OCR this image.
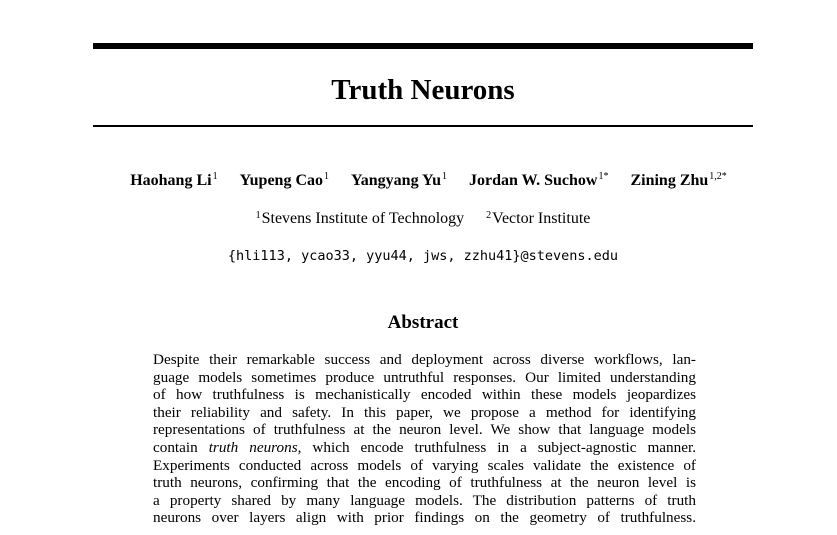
Truth Neurons
Haohang Li$^1$ Yupeng Cao$^1$ Yangyang Yu$^1$ Jordan W. Suchow$^{1*}$ Zining Zhu$^{1,2*}$
$^1$Stevens Institute of Technology $^2$Vector Institute
{hli113, ycao33, yyu44, jws, zzhu41}@stevens.edu
Abstract
Despite their remarkable success and deployment across diverse workflows, lan-
guage models sometimes produce untruthful responses. Our limited understanding
of how truthfulness is mechanistically encoded within these models jeopardizes
their reliability and safety. In this paper, we propose a method for identifying
representations of truthfulness at the neuron level. We show that language models
contain truth neurons, which encode truthfulness in a subject-agnostic manner.
Experiments conducted across models of varying scales validate the existence of
truth neurons, confirming that the encoding of truthfulness at the neuron level is
a property shared by many language models. The distribution patterns of truth
neurons over layers align with prior findings on the geometry of truthfulness.
